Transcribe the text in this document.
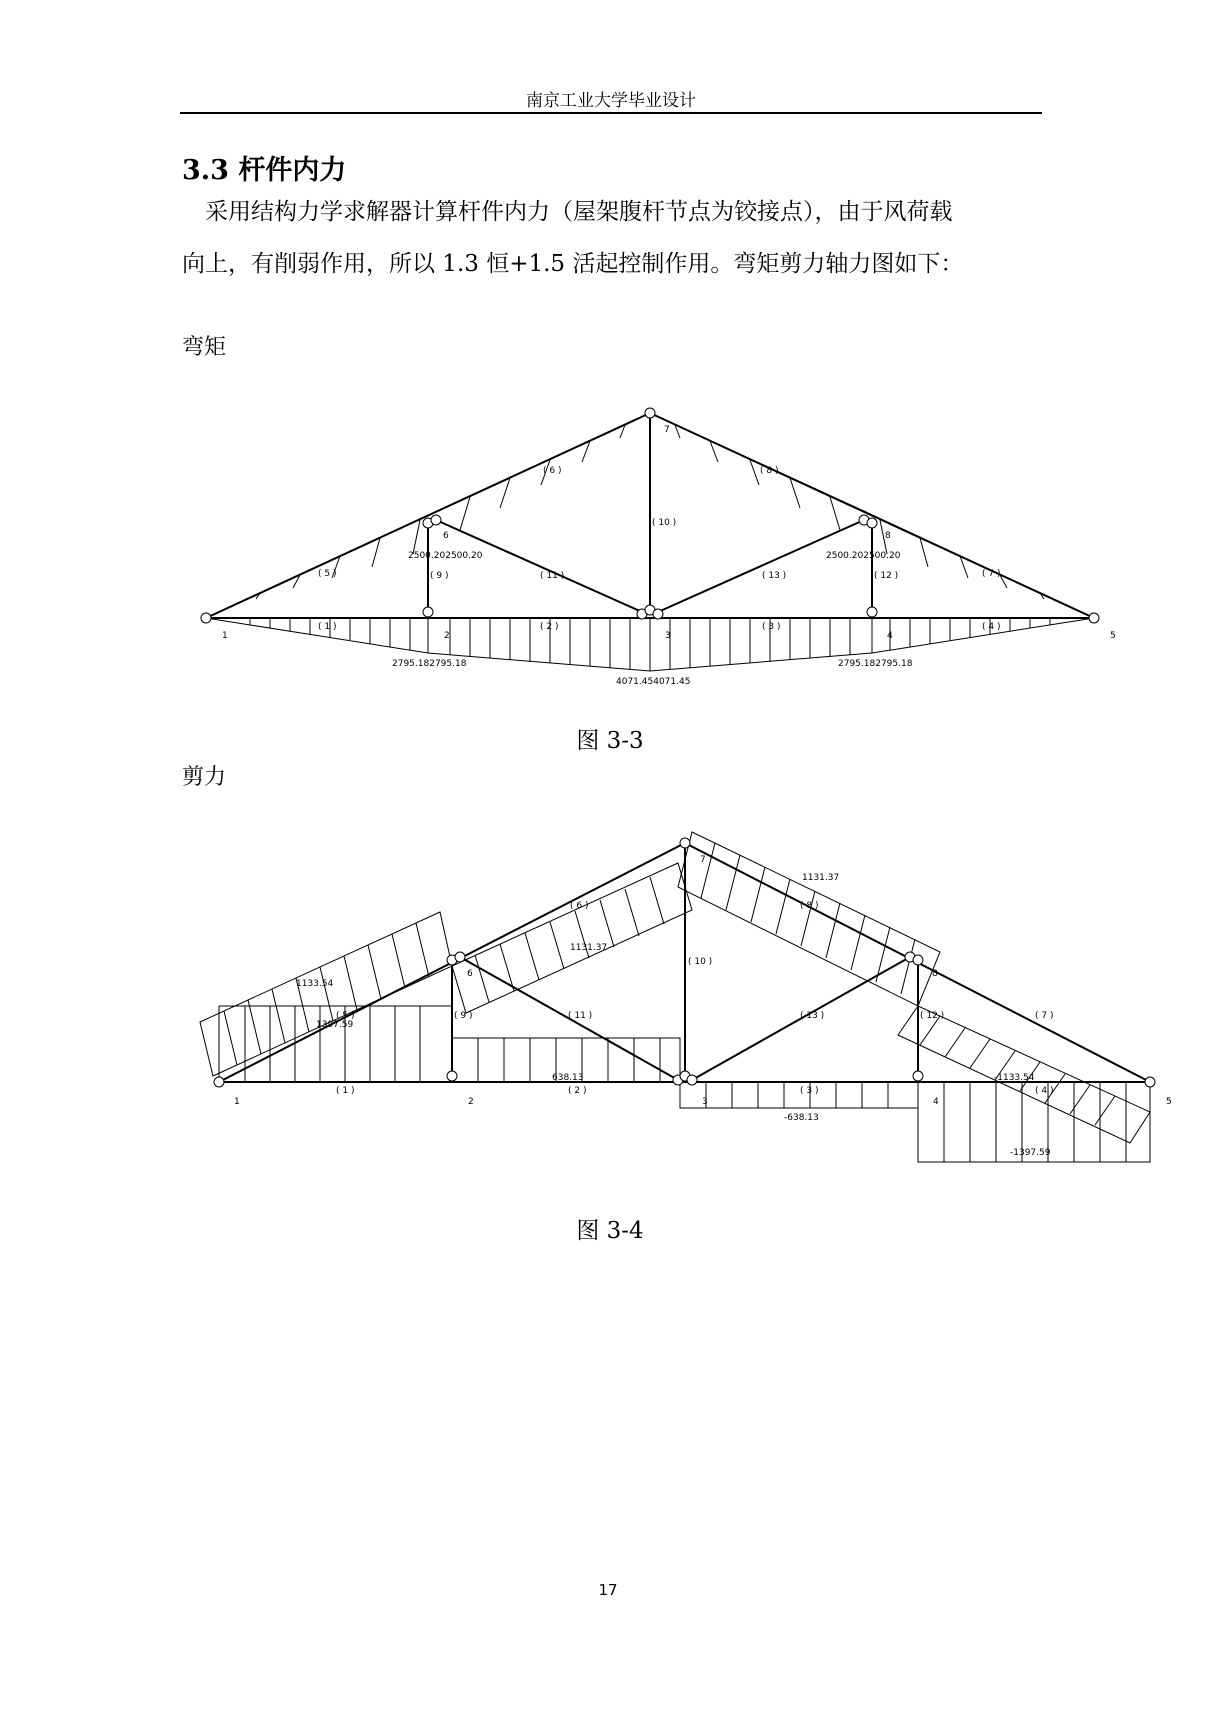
南京工业大学毕业设计
3.3 杆件内力

采用结构力学求解器计算杆件内力（屋架腹杆节点为铰接点），由于风荷载

向上，有削弱作用，所以 1.3 恒+1.5 活起控制作用。弯矩剪力轴力图如下：

弯矩
1	2	3	4	5
6
7
8
( 1 )	( 2 )	( 3 )	( 4 )
( 5 )
( 6 )	( 8 )
( 7 )
( 9 )
( 10 )
( 11 )	( 12 )
( 13 )
2500.202500.20	2500.202500.20
2795.182795.18	2795.182795.18
4071.454071.45
图 3-3
剪力
1	2	3	4	5
6
7
8
( 1 )	( 2 )	( 3 )	( 4 )
( 5 )
( 6 )	( 8 )
( 7 )
( 9 )
( 10 )
( 11 )	( 12 )
( 13 )
1133.54
1397.59
1131.37
1131.37
638.13
-638.13
-1133.54
-1397.59
图 3-4
17
